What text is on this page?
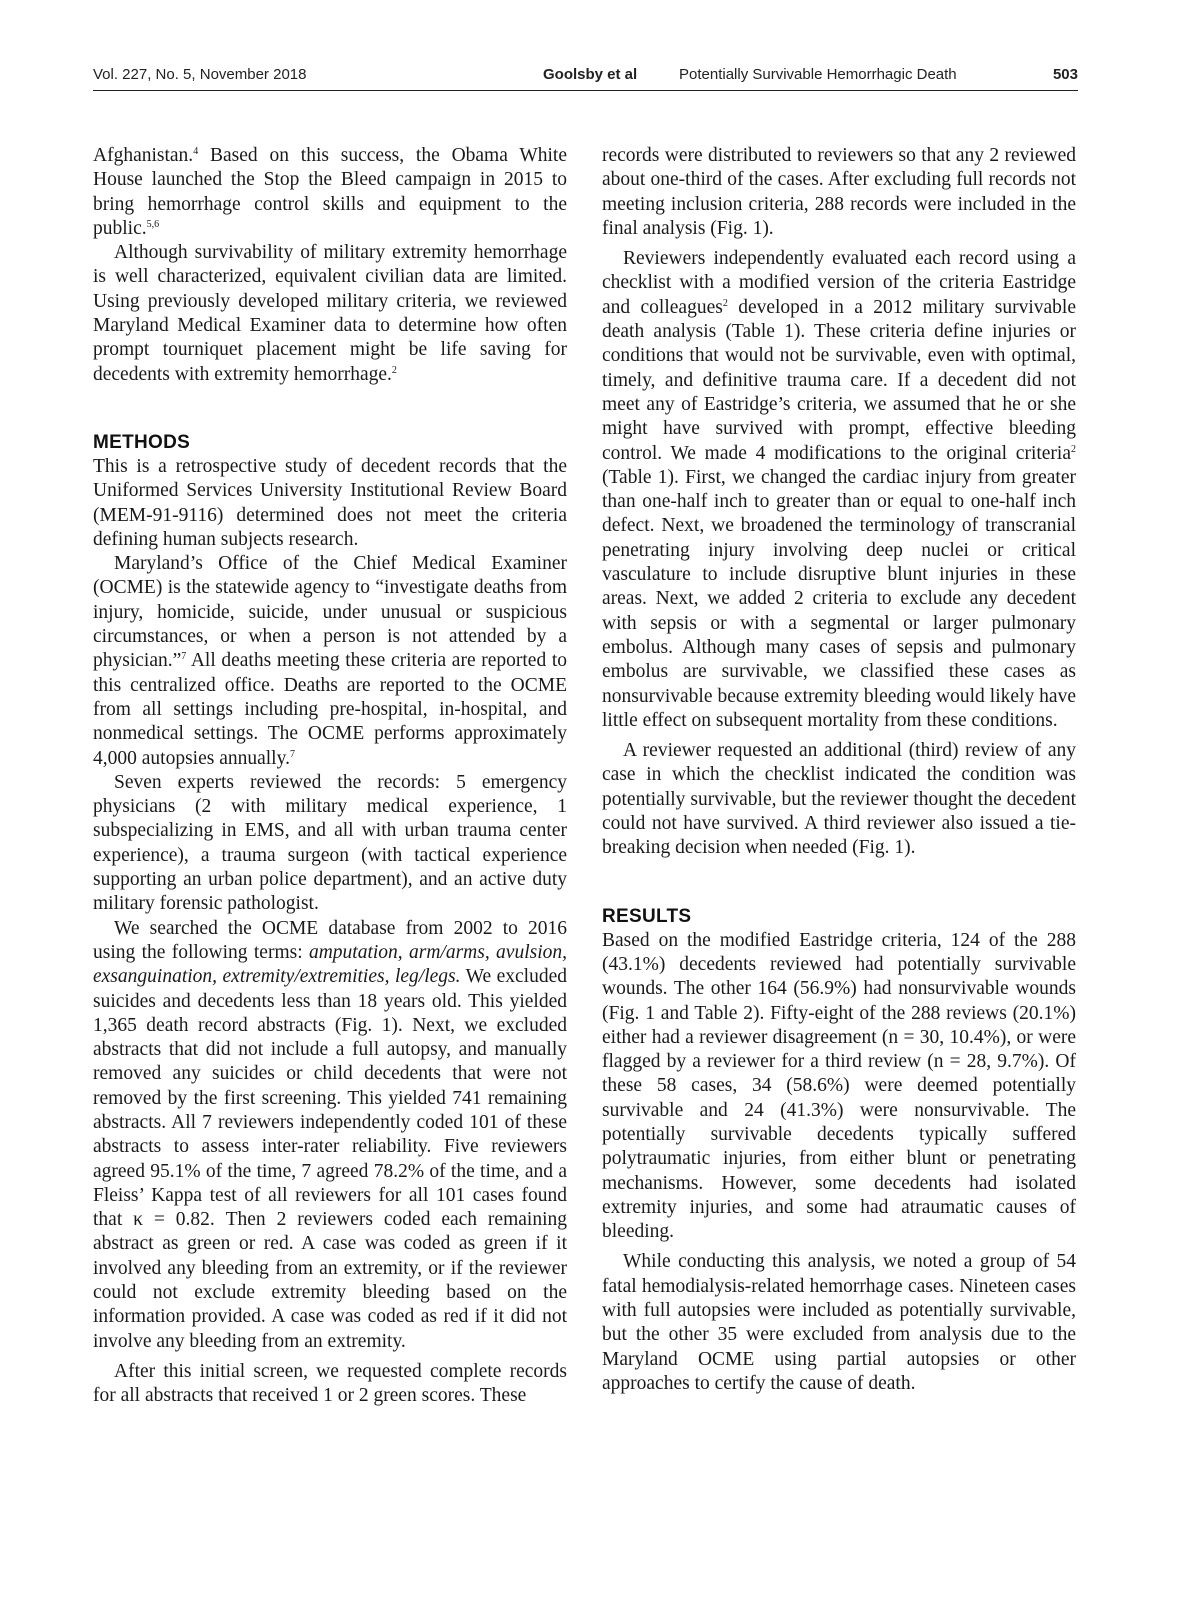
Vol. 227, No. 5, November 2018	Goolsby et al	Potentially Survivable Hemorrhagic Death	503

Afghanistan.$^4$ Based on this success, the Obama White House launched the Stop the Bleed campaign in 2015 to bring hemorrhage control skills and equipment to the public.$^{5,6}$

Although survivability of military extremity hemorrhage is well characterized, equivalent civilian data are limited. Using previously developed military criteria, we reviewed Maryland Medical Examiner data to determine how often prompt tourniquet placement might be life saving for decedents with extremity hemorrhage.$^2$

METHODS

This is a retrospective study of decedent records that the Uniformed Services University Institutional Review Board (MEM-91-9116) determined does not meet the criteria defining human subjects research.

Maryland’s Office of the Chief Medical Examiner (OCME) is the statewide agency to “investigate deaths from injury, homicide, suicide, under unusual or suspicious circumstances, or when a person is not attended by a physician.”$^7$ All deaths meeting these criteria are reported to this centralized office. Deaths are reported to the OCME from all settings including pre-hospital, in-hospital, and nonmedical settings. The OCME performs approximately 4,000 autopsies annually.$^7$

Seven experts reviewed the records: 5 emergency physicians (2 with military medical experience, 1 subspecializing in EMS, and all with urban trauma center experience), a trauma surgeon (with tactical experience supporting an urban police department), and an active duty military forensic pathologist.

We searched the OCME database from 2002 to 2016 using the following terms: amputation, arm/arms, avulsion, exsanguination, extremity/extremities, leg/legs. We excluded suicides and decedents less than 18 years old. This yielded 1,365 death record abstracts (Fig. 1). Next, we excluded abstracts that did not include a full autopsy, and manually removed any suicides or child decedents that were not removed by the first screening. This yielded 741 remaining abstracts. All 7 reviewers independently coded 101 of these abstracts to assess inter-rater reliability. Five reviewers agreed 95.1% of the time, 7 agreed 78.2% of the time, and a Fleiss’ Kappa test of all reviewers for all 101 cases found that κ = 0.82. Then 2 reviewers coded each remaining abstract as green or red. A case was coded as green if it involved any bleeding from an extremity, or if the reviewer could not exclude extremity bleeding based on the information provided. A case was coded as red if it did not involve any bleeding from an extremity.

After this initial screen, we requested complete records for all abstracts that received 1 or 2 green scores. These

records were distributed to reviewers so that any 2 reviewed about one-third of the cases. After excluding full records not meeting inclusion criteria, 288 records were included in the final analysis (Fig. 1).

Reviewers independently evaluated each record using a checklist with a modified version of the criteria Eastridge and colleagues$^2$ developed in a 2012 military survivable death analysis (Table 1). These criteria define injuries or conditions that would not be survivable, even with optimal, timely, and definitive trauma care. If a decedent did not meet any of Eastridge’s criteria, we assumed that he or she might have survived with prompt, effective bleeding control. We made 4 modifications to the original criteria$^2$ (Table 1). First, we changed the cardiac injury from greater than one-half inch to greater than or equal to one-half inch defect. Next, we broadened the terminology of transcranial penetrating injury involving deep nuclei or critical vasculature to include disruptive blunt injuries in these areas. Next, we added 2 criteria to exclude any decedent with sepsis or with a segmental or larger pulmonary embolus. Although many cases of sepsis and pulmonary embolus are survivable, we classified these cases as nonsurvivable because extremity bleeding would likely have little effect on subsequent mortality from these conditions.

A reviewer requested an additional (third) review of any case in which the checklist indicated the condition was potentially survivable, but the reviewer thought the decedent could not have survived. A third reviewer also issued a tie-breaking decision when needed (Fig. 1).

RESULTS

Based on the modified Eastridge criteria, 124 of the 288 (43.1%) decedents reviewed had potentially survivable wounds. The other 164 (56.9%) had nonsurvivable wounds (Fig. 1 and Table 2). Fifty-eight of the 288 reviews (20.1%) either had a reviewer disagreement (n = 30, 10.4%), or were flagged by a reviewer for a third review (n = 28, 9.7%). Of these 58 cases, 34 (58.6%) were deemed potentially survivable and 24 (41.3%) were nonsurvivable. The potentially survivable decedents typically suffered polytraumatic injuries, from either blunt or penetrating mechanisms. However, some decedents had isolated extremity injuries, and some had atraumatic causes of bleeding.

While conducting this analysis, we noted a group of 54 fatal hemodialysis-related hemorrhage cases. Nineteen cases with full autopsies were included as potentially survivable, but the other 35 were excluded from analysis due to the Maryland OCME using partial autopsies or other approaches to certify the cause of death.
